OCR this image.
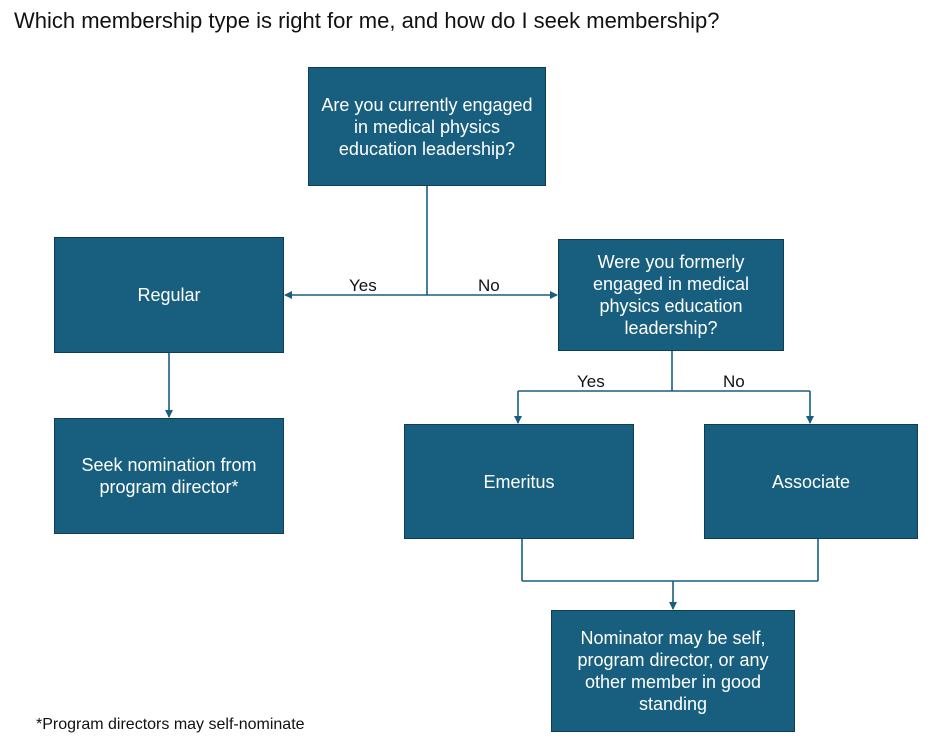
Which membership type is right for me, and how do I seek membership?
Are you currently engaged in medical physics education leadership?
Regular
Were you formerly engaged in medical physics education leadership?
Seek nomination from program director*	Emeritus	Associate
Nominator may be self, program director, or any other member in good standing
Yes	No
Yes	No
*Program directors may self-nominate
